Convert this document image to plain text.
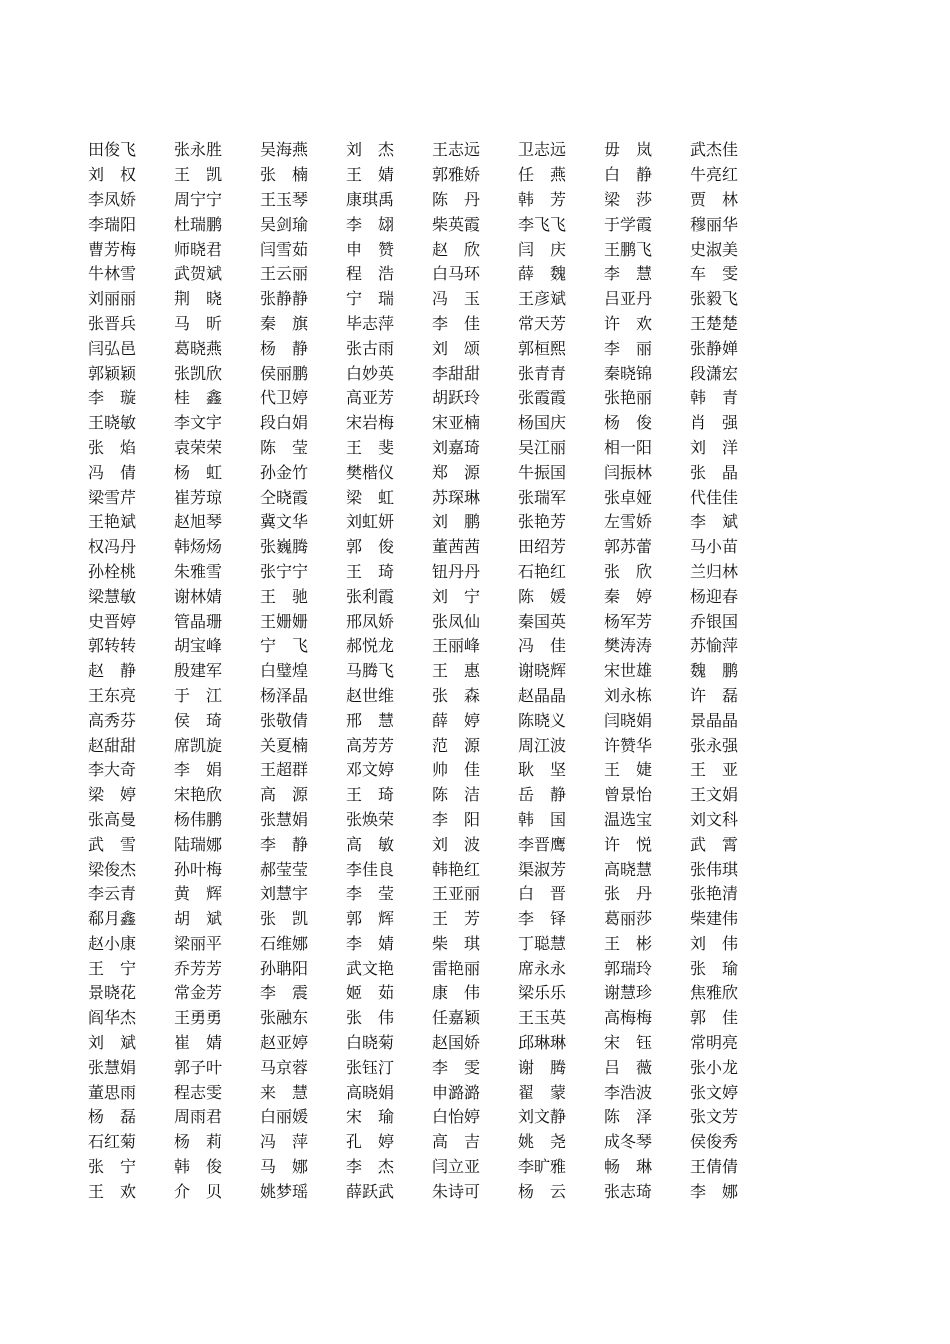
田俊飞	张永胜	吴海燕	刘　杰	王志远	卫志远	毋　岚	武杰佳
刘　权	王　凯	张　楠	王　婧	郭雅娇	任　燕	白　静	牛亮红
李凤娇	周宁宁	王玉琴	康琪禹	陈　丹	韩　芳	梁　莎	贾　林
李瑞阳	杜瑞鹏	吴剑瑜	李　翃	柴英霞	李飞飞	于学霞	穆丽华
曹芳梅	师晓君	闫雪茹	申　赞	赵　欣	闫　庆	王鹏飞	史淑美
牛林雪	武贺斌	王云丽	程　浩	白马环	薛　魏	李　慧	车　雯
刘丽丽	荆　晓	张静静	宁　瑞	冯　玉	王彦斌	吕亚丹	张毅飞
张晋兵	马　昕	秦　旗	毕志萍	李　佳	常天芳	许　欢	王楚楚
闫弘邑	葛晓燕	杨　静	张古雨	刘　颂	郭桓熙	李　丽	张静婵
郭颖颖	张凯欣	侯丽鹏	白妙英	李甜甜	张青青	秦晓锦	段潇宏
李　璇	桂　鑫	代卫婷	高亚芳	胡跃玲	张霞霞	张艳丽	韩　青
王晓敏	李文宇	段白娟	宋岩梅	宋亚楠	杨国庆	杨　俊	肖　强
张　焰	袁荣荣	陈　莹	王　斐	刘嘉琦	吴江丽	相一阳	刘　洋
冯　倩	杨　虹	孙金竹	樊楷仪	郑　源	牛振国	闫振林	张　晶
梁雪芹	崔芳琼	仝晓霞	梁　虹	苏琛琳	张瑞军	张卓娅	代佳佳
王艳斌	赵旭琴	冀文华	刘虹妍	刘　鹏	张艳芳	左雪娇	李　斌
权冯丹	韩炀炀	张巍腾	郭　俊	董茜茜	田绍芳	郭苏蕾	马小苗
孙栓桃	朱雅雪	张宁宁	王　琦	钮丹丹	石艳红	张　欣	兰归林
梁慧敏	谢林婧	王　驰	张利霞	刘　宁	陈　媛	秦　婷	杨迎春
史晋婷	管晶珊	王姗姗	邢凤娇	张凤仙	秦国英	杨军芳	乔银国
郭转转	胡宝峰	宁　飞	郝悦龙	王丽峰	冯　佳	樊涛涛	苏愉萍
赵　静	殷建军	白璧煌	马腾飞	王　惠	谢晓辉	宋世雄	魏　鹏
王东亮	于　江	杨泽晶	赵世维	张　森	赵晶晶	刘永栋	许　磊
高秀芬	侯　琦	张敬倩	邢　慧	薛　婷	陈晓义	闫晓娟	景晶晶
赵甜甜	席凯旋	关夏楠	高芳芳	范　源	周江波	许赞华	张永强
李大奇	李　娟	王超群	邓文婷	帅　佳	耿　坚	王　婕	王　亚
梁　婷	宋艳欣	高　源	王　琦	陈　洁	岳　静	曾景怡	王文娟
张高曼	杨伟鹏	张慧娟	张焕荣	李　阳	韩　国	温选宝	刘文科
武　雪	陆瑞娜	李　静	高　敏	刘　波	李晋鹰	许　悦	武　霄
梁俊杰	孙叶梅	郝莹莹	李佳良	韩艳红	渠淑芳	高晓慧	张伟琪
李云青	黄　辉	刘慧宇	李　莹	王亚丽	白　晋	张　丹	张艳清
郗月鑫	胡　斌	张　凯	郭　辉	王　芳	李　铎	葛丽莎	柴建伟
赵小康	梁丽平	石维娜	李　婧	柴　琪	丁聪慧	王　彬	刘　伟
王　宁	乔芳芳	孙聃阳	武文艳	雷艳丽	席永永	郭瑞玲	张　瑜
景晓花	常金芳	李　震	姬　茹	康　伟	梁乐乐	谢慧珍	焦雅欣
阎华杰	王勇勇	张融东	张　伟	任嘉颖	王玉英	高梅梅	郭　佳
刘　斌	崔　婧	赵亚婷	白晓菊	赵国娇	邱琳琳	宋　钰	常明亮
张慧娟	郭子叶	马京蓉	张钰汀	李　雯	谢　腾	吕　薇	张小龙
董思雨	程志雯	来　慧	高晓娟	申潞潞	翟　蒙	李浩波	张文婷
杨　磊	周雨君	白丽媛	宋　瑜	白怡婷	刘文静	陈　泽	张文芳
石红菊	杨　莉	冯　萍	孔　婷	高　吉	姚　尧	成冬琴	侯俊秀
张　宁	韩　俊	马　娜	李　杰	闫立亚	李旷雅	畅　琳	王倩倩
王　欢	介　贝	姚梦瑶	薛跃武	朱诗可	杨　云	张志琦	李　娜
